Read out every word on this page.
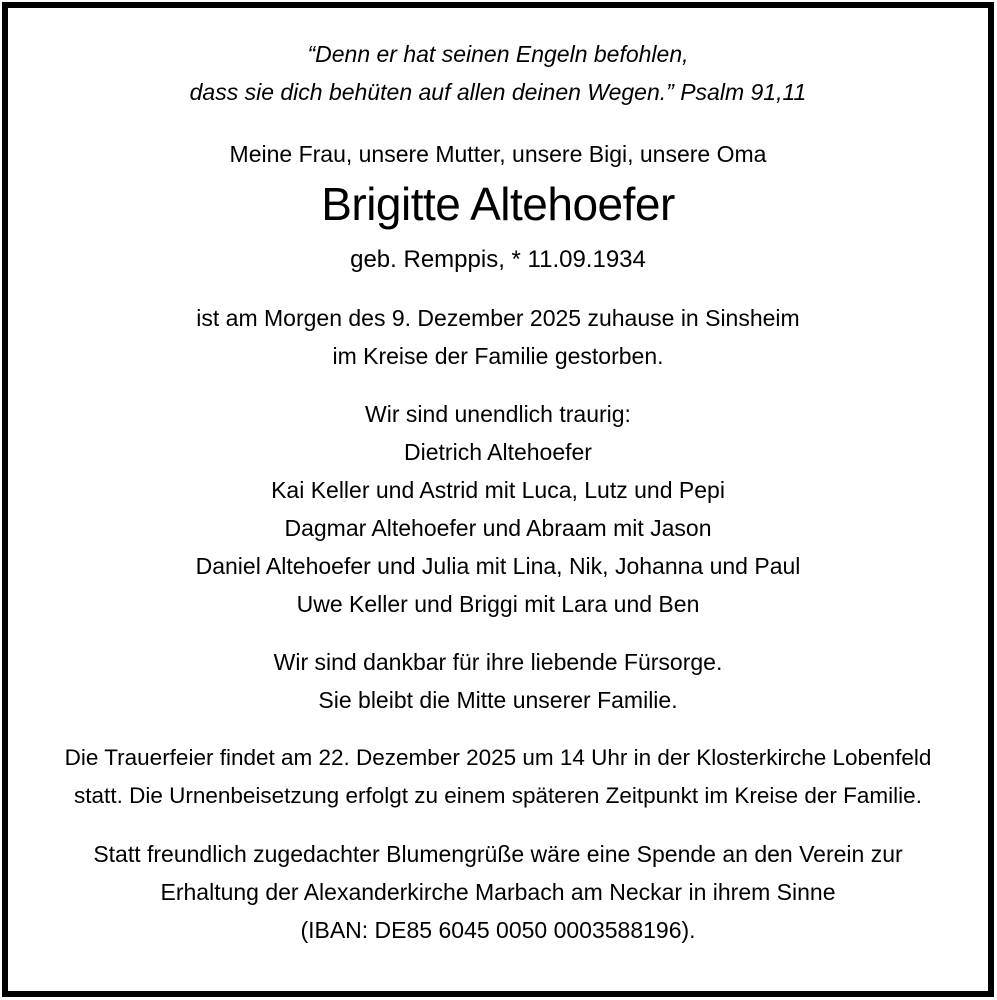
“Denn er hat seinen Engeln befohlen,
dass sie dich behüten auf allen deinen Wegen.” Psalm 91,11
Meine Frau, unsere Mutter, unsere Bigi, unsere Oma
Brigitte Altehoefer
geb. Remppis, * 11.09.1934
ist am Morgen des 9. Dezember 2025 zuhause in Sinsheim
im Kreise der Familie gestorben.
Wir sind unendlich traurig:
Dietrich Altehoefer
Kai Keller und Astrid mit Luca, Lutz und Pepi
Dagmar Altehoefer und Abraam mit Jason
Daniel Altehoefer und Julia mit Lina, Nik, Johanna und Paul
Uwe Keller und Briggi mit Lara und Ben
Wir sind dankbar für ihre liebende Fürsorge.
Sie bleibt die Mitte unserer Familie.
Die Trauerfeier findet am 22. Dezember 2025 um 14 Uhr in der Klosterkirche Lobenfeld
statt. Die Urnenbeisetzung erfolgt zu einem späteren Zeitpunkt im Kreise der Familie.
Statt freundlich zugedachter Blumengrüße wäre eine Spende an den Verein zur
Erhaltung der Alexanderkirche Marbach am Neckar in ihrem Sinne
(IBAN: DE85 6045 0050 0003588196).
